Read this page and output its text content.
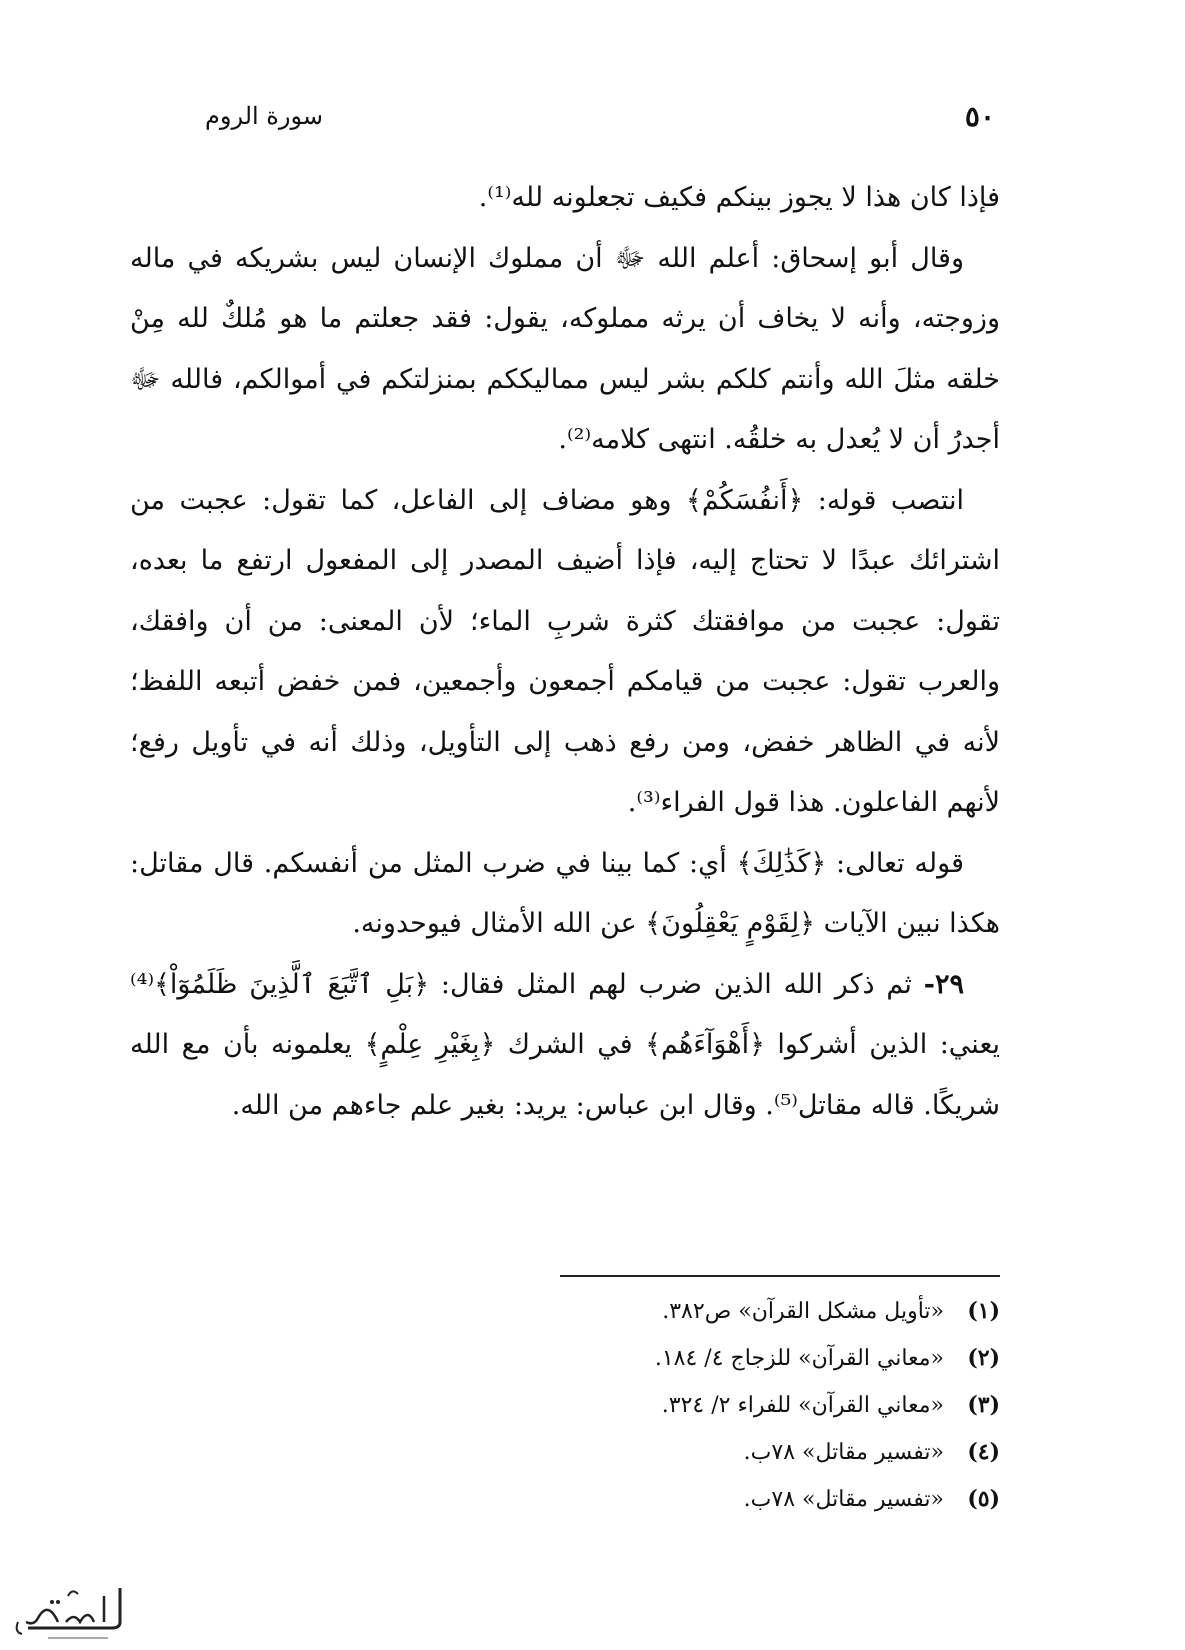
٥٠
سورة الروم

فإذا كان هذا لا يجوز بينكم فكيف تجعلونه لله⁽¹⁾.

وقال أبو إسحاق: أعلم الله ﷻ أن مملوك الإنسان ليس بشريكه في ماله وزوجته، وأنه لا يخاف أن يرثه مملوكه، يقول: فقد جعلتم ما هو مُلكٌ لله مِنْ خلقه مثلَ الله وأنتم كلكم بشر ليس مماليككم بمنزلتكم في أموالكم، فالله ﷻ أجدرُ أن لا يُعدل به خلقُه. انتهى كلامه⁽²⁾.

انتصب قوله: ﴿أَنفُسَكُمْ﴾ وهو مضاف إلى الفاعل، كما تقول: عجبت من اشترائك عبدًا لا تحتاج إليه، فإذا أضيف المصدر إلى المفعول ارتفع ما بعده، تقول: عجبت من موافقتك كثرة شربِ الماء؛ لأن المعنى: من أن وافقك، والعرب تقول: عجبت من قيامكم أجمعون وأجمعين، فمن خفض أتبعه اللفظ؛ لأنه في الظاهر خفض، ومن رفع ذهب إلى التأويل، وذلك أنه في تأويل رفع؛ لأنهم الفاعلون. هذا قول الفراء⁽³⁾.

قوله تعالى: ﴿كَذَٰلِكَ﴾ أي: كما بينا في ضرب المثل من أنفسكم. قال مقاتل: هكذا نبين الآيات ﴿لِقَوْمٍ يَعْقِلُونَ﴾ عن الله الأمثال فيوحدونه.

٢٩- ثم ذكر الله الذين ضرب لهم المثل فقال: ﴿بَلِ ٱتَّبَعَ ٱلَّذِينَ ظَلَمُوٓاْ﴾⁽⁴⁾ يعني: الذين أشركوا ﴿أَهْوَآءَهُم﴾ في الشرك ﴿بِغَيْرِ عِلْمٍ﴾ يعلمونه بأن مع الله شريكًا. قاله مقاتل⁽⁵⁾. وقال ابن عباس: يريد: بغير علم جاءهم من الله.

(١)
«تأويل مشكل القرآن» ص٣٨٢.
(٢)
«معاني القرآن» للزجاج ٤/ ١٨٤.
(٣)
«معاني القرآن» للفراء ٢/ ٣٢٤.
(٤)
«تفسير مقاتل» ٧٨ب.
(٥)
«تفسير مقاتل» ٧٨ب.
